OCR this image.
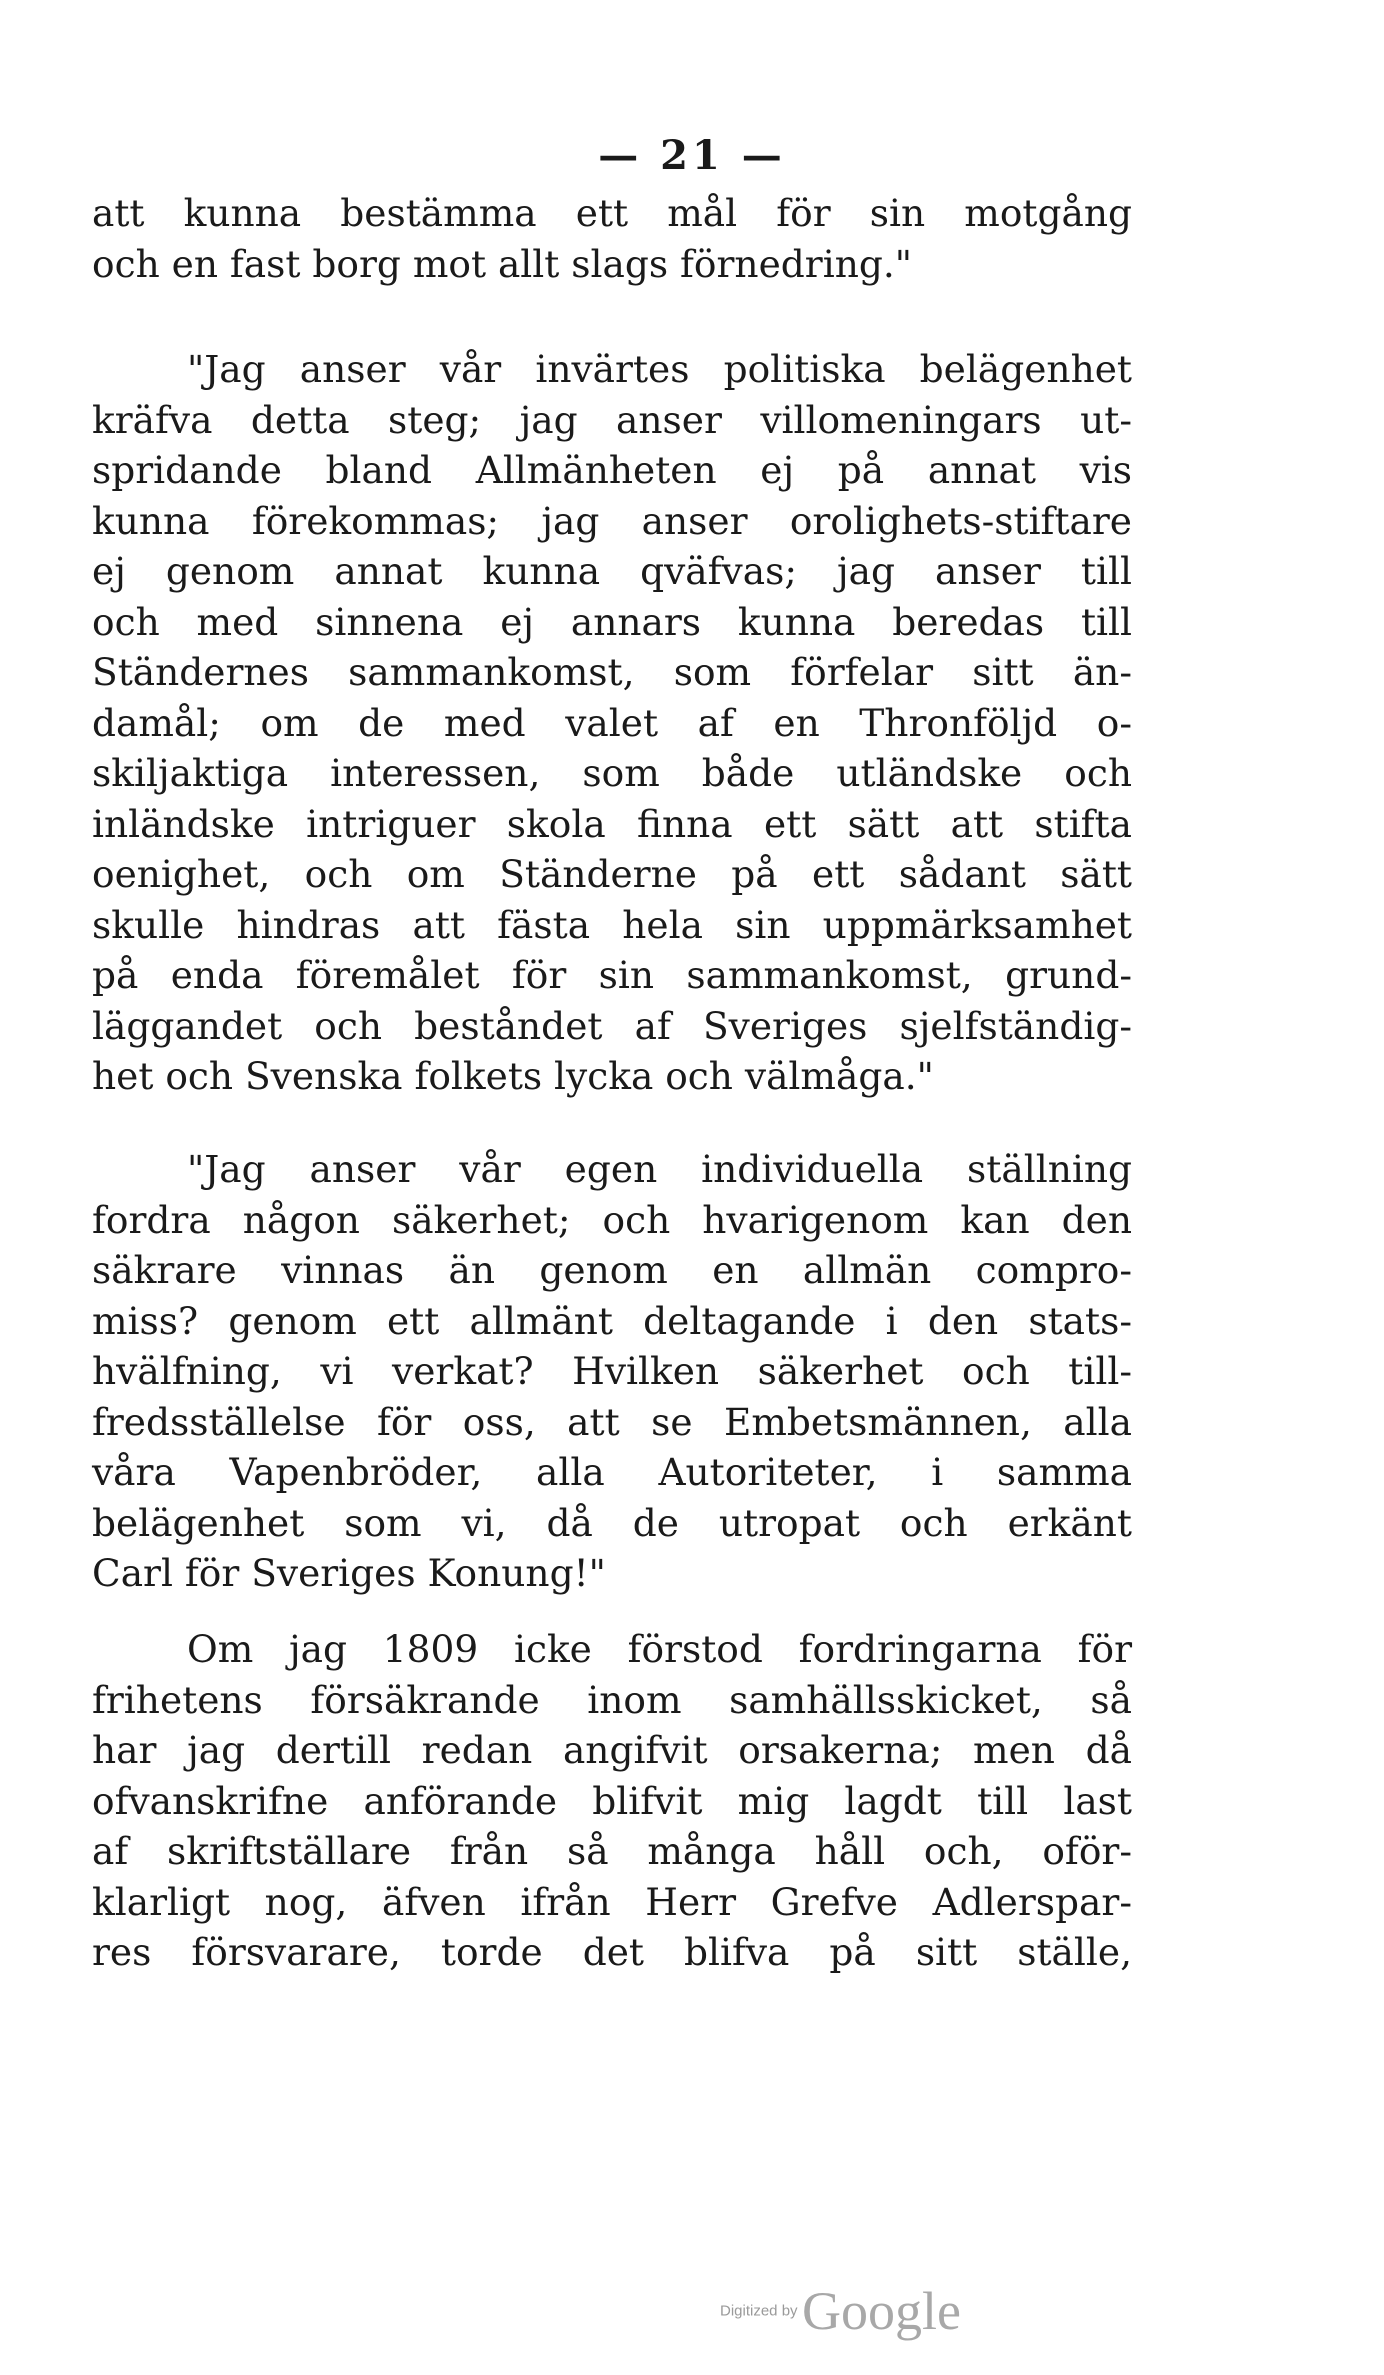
— 21 —
att kunna bestämma ett mål för sin motgång
och en fast borg mot allt slags förnedring."
"Jag anser vår invärtes politiska belägenhet
kräfva detta steg; jag anser villomeningars ut-
spridande bland Allmänheten ej på annat vis
kunna förekommas; jag anser orolighets-stiftare
ej genom annat kunna qväfvas; jag anser till
och med sinnena ej annars kunna beredas till
Ständernes sammankomst, som förfelar sitt än-
damål; om de med valet af en Thronföljd o-
skiljaktiga interessen, som både utländske och
inländske intriguer skola finna ett sätt att stifta
oenighet, och om Ständerne på ett sådant sätt
skulle hindras att fästa hela sin uppmärksamhet
på enda föremålet för sin sammankomst, grund-
läggandet och beståndet af Sveriges sjelfständig-
het och Svenska folkets lycka och välmåga."
"Jag anser vår egen individuella ställning
fordra någon säkerhet; och hvarigenom kan den
säkrare vinnas än genom en allmän compro-
miss? genom ett allmänt deltagande i den stats-
hvälfning, vi verkat? Hvilken säkerhet och till-
fredsställelse för oss, att se Embetsmännen, alla
våra Vapenbröder, alla Autoriteter, i samma
belägenhet som vi, då de utropat och erkänt
Carl för Sveriges Konung!"
Om jag 1809 icke förstod fordringarna för
frihetens försäkrande inom samhällsskicket, så
har jag dertill redan angifvit orsakerna; men då
ofvanskrifne anförande blifvit mig lagdt till last
af skriftställare från så många håll och, oför-
klarligt nog, äfven ifrån Herr Grefve Adlerspar-
res försvarare, torde det blifva på sitt ställe,
Digitized by Google
